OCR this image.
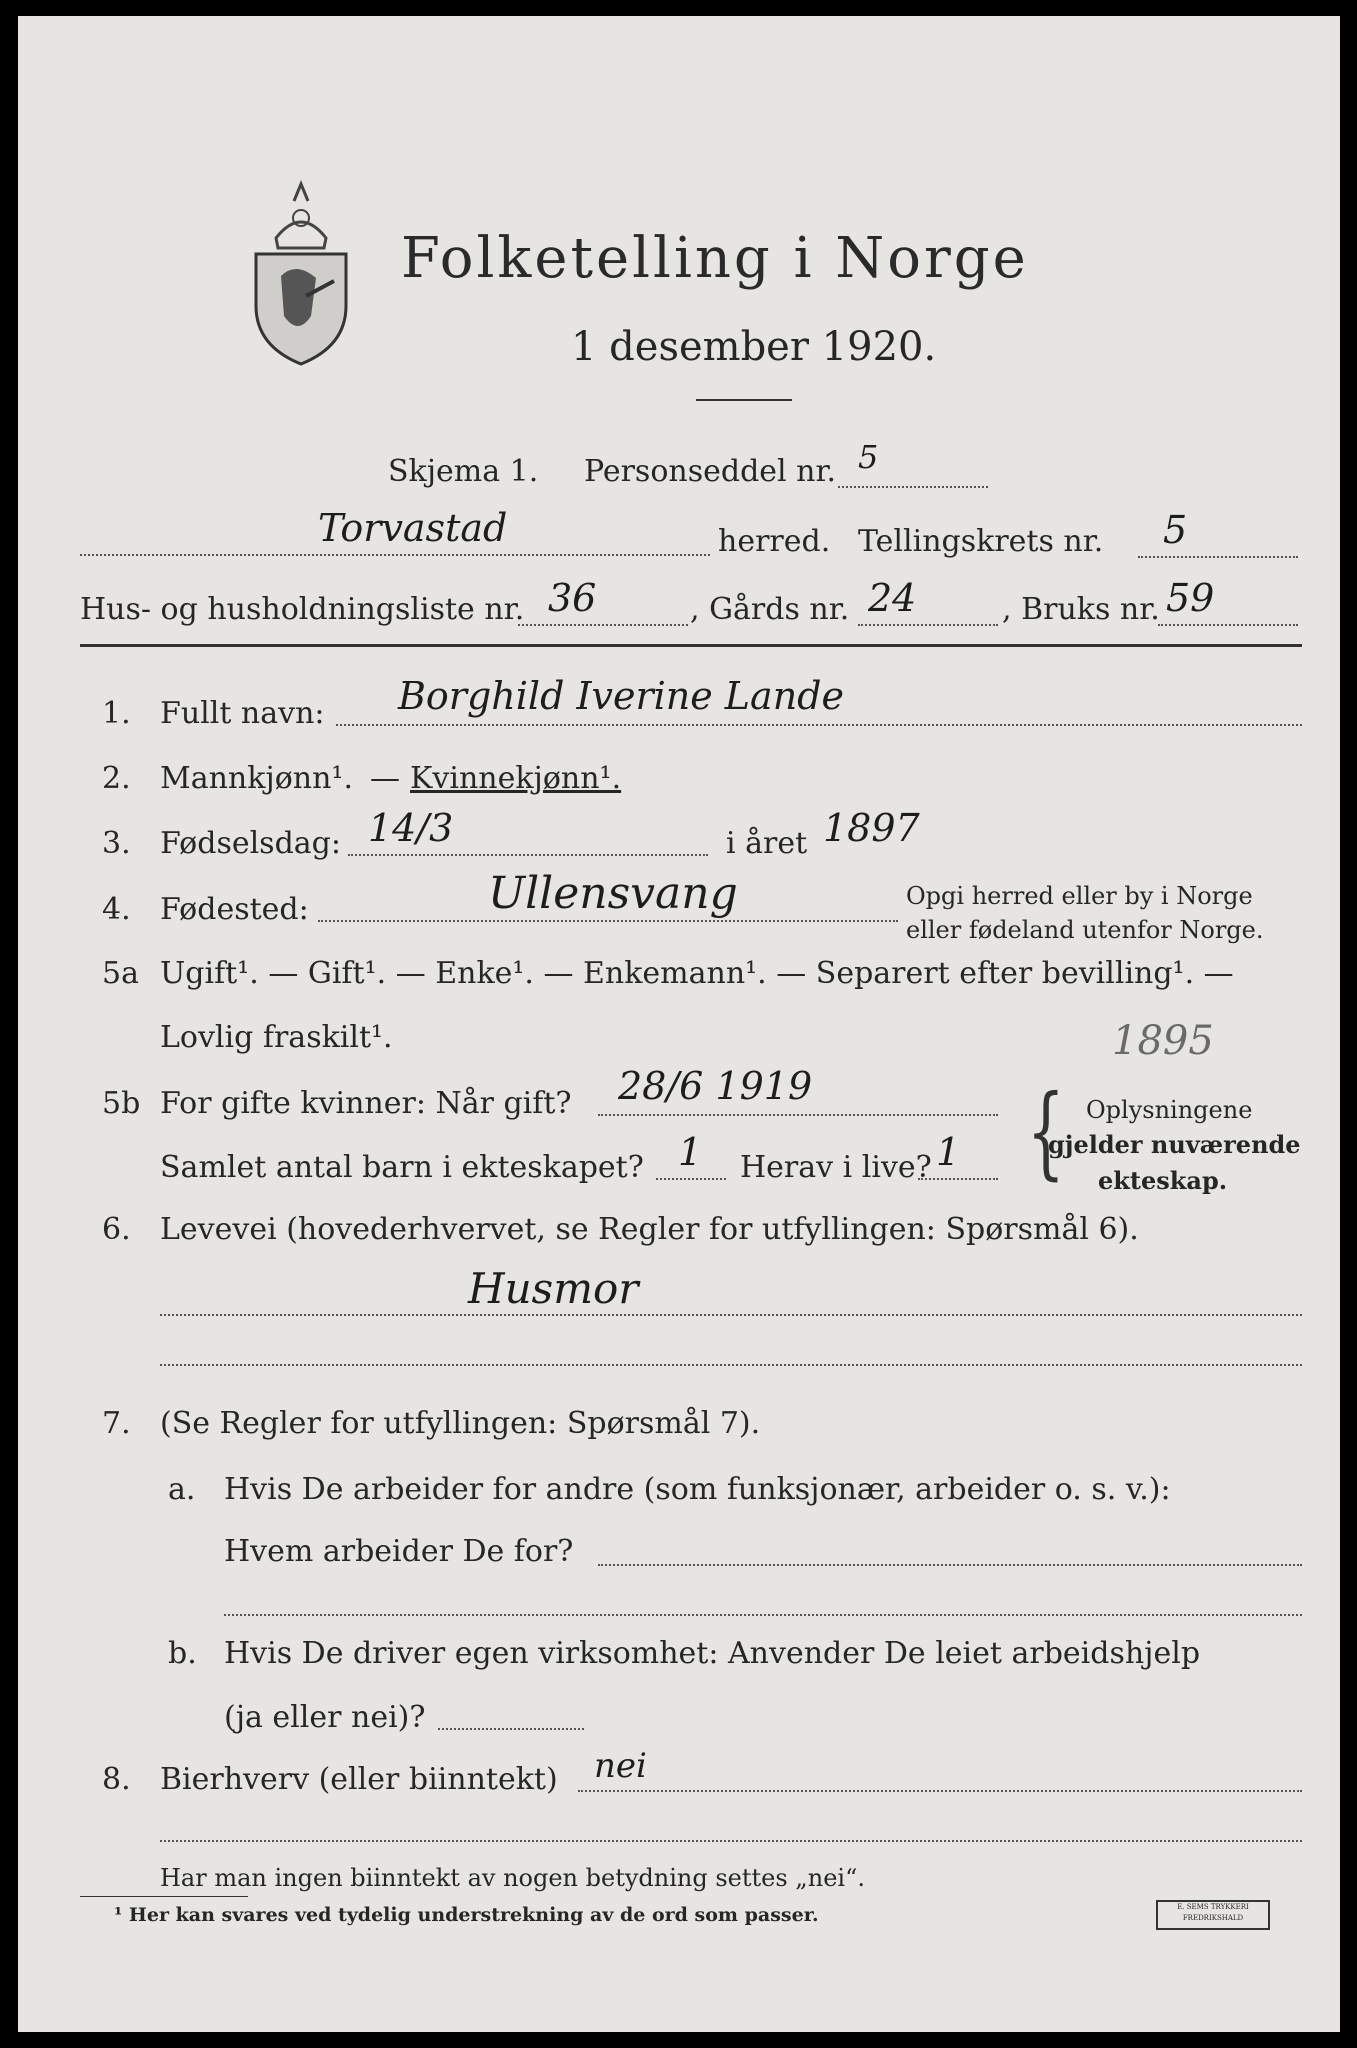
Folketelling i Norge
1 desember 1920.
Skjema 1. Personseddel nr. 5
Torvastad	herred. Tellingskrets nr. 5
Hus- og husholdningsliste nr. 36	, Gårds nr. 24	, Bruks nr. 59
1. Fullt navn: Borghild Iverine Lande
2. Mannkjønn¹. — Kvinnekjønn¹.
3. Fødselsdag: 14/3	i året 1897
4. Fødested:	Ullensvang	Opgi herred eller by i Norge
eller fødeland utenfor Norge.
5a Ugift¹. — Gift¹. — Enke¹. — Enkemann¹. — Separert efter bevilling¹. —
Lovlig fraskilt¹.
5b For gifte kvinner: Når gift? 28/6 1919
Samlet antal barn i ekteskapet? 1 Herav i live? 1 { Oplysningene
gjelder nuværende
ekteskap.
1895
6. Levevei (hovederhvervet, se Regler for utfyllingen: Spørsmål 6).
Husmor
7. (Se Regler for utfyllingen: Spørsmål 7).
a. Hvis De arbeider for andre (som funksjonær, arbeider o. s. v.):
Hvem arbeider De for?
b. Hvis De driver egen virksomhet: Anvender De leiet arbeidshjelp
(ja eller nei)?
8. Bierhverv (eller biinntekt) nei
Har man ingen biinntekt av nogen betydning settes „nei“.
¹ Her kan svares ved tydelig understrekning av de ord som passer.	E. SEMS TRYKKERI FREDRIKSHALD
